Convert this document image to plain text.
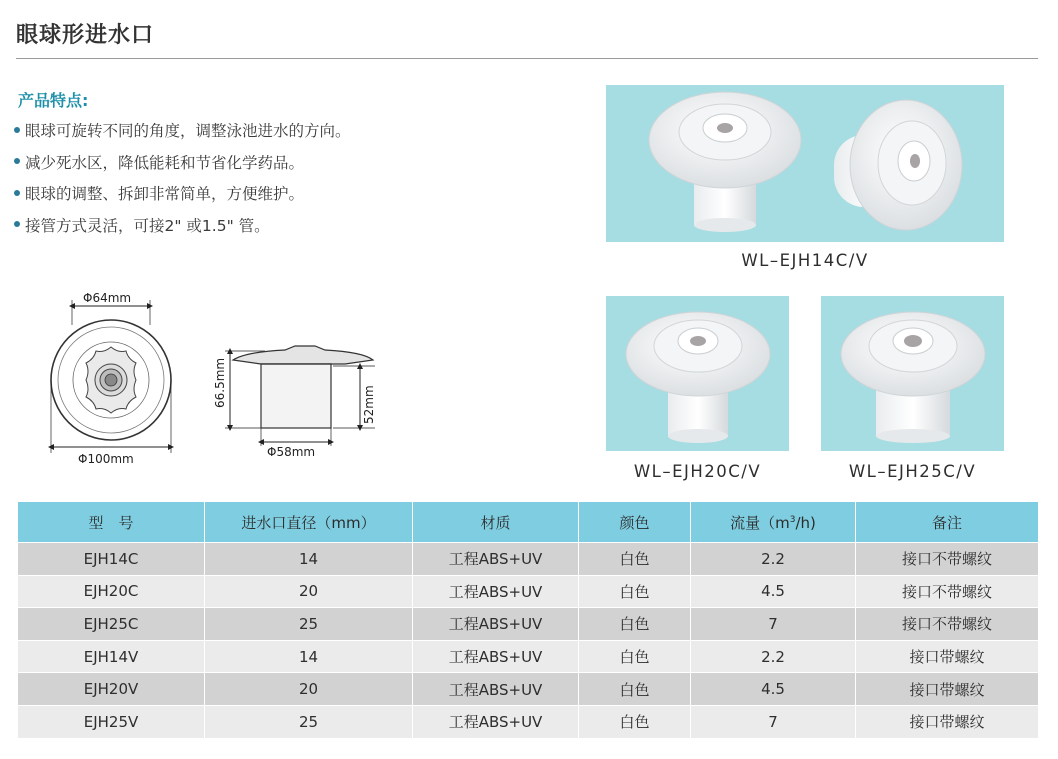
眼球形进水口
产品特点:
眼球可旋转不同的角度，调整泳池进水的方向。
减少死水区，降低能耗和节省化学药品。
眼球的调整、拆卸非常简单，方便维护。
接管方式灵活，可接2" 或1.5" 管。
Φ64mm
Φ100mm
66.5mm	52mm
Φ58mm
WL–EJH14C/V
WL–EJH20C/V	WL–EJH25C/V
型　号	进水口直径（mm）	材质	颜色	流量$(m^3/h)$	备注
EJH14C	14	工程ABS+UV	白色	2.2	接口不带螺纹
EJH20C	20	工程ABS+UV	白色	4.5	接口不带螺纹
EJH25C	25	工程ABS+UV	白色	7	接口不带螺纹
EJH14V	14	工程ABS+UV	白色	2.2	接口带螺纹
EJH20V	20	工程ABS+UV	白色	4.5	接口带螺纹
EJH25V	25	工程ABS+UV	白色	7	接口带螺纹
